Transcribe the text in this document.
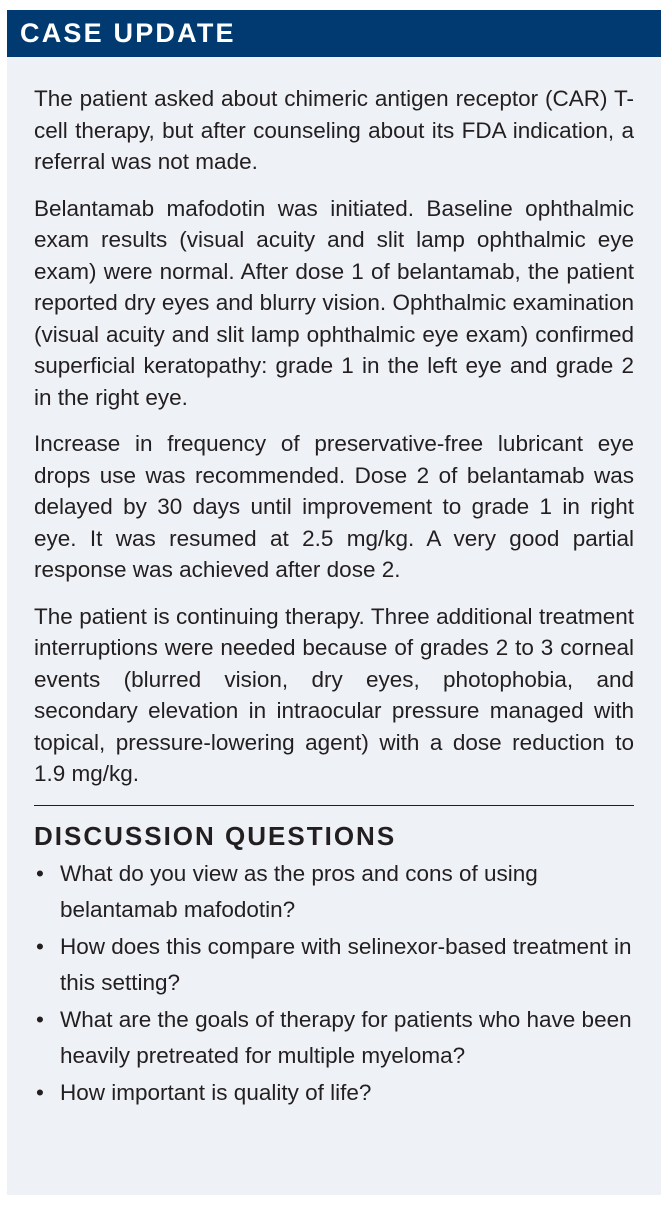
CASE UPDATE

The patient asked about chimeric antigen receptor (CAR) T-cell therapy, but after counseling about its FDA indication, a referral was not made.

Belantamab mafodotin was initiated. Baseline ophthalmic exam results (visual acuity and slit lamp ophthalmic eye exam) were normal. After dose 1 of belantamab, the patient reported dry eyes and blurry vision. Ophthalmic examination (visual acuity and slit lamp ophthalmic eye exam) confirmed superficial keratopathy: grade 1 in the left eye and grade 2 in the right eye.

Increase in frequency of preservative-free lubricant eye drops use was recommended. Dose 2 of belantamab was delayed by 30 days until improvement to grade 1 in right eye. It was resumed at 2.5 mg/kg. A very good partial response was achieved after dose 2.

The patient is continuing therapy. Three additional treatment interruptions were needed because of grades 2 to 3 corneal events (blurred vision, dry eyes, photophobia, and secondary elevation in intraocular pressure managed with topical, pressure-lowering agent) with a dose reduction to 1.9 mg/kg.

DISCUSSION QUESTIONS
• What do you view as the pros and cons of using belantamab mafodotin?
• How does this compare with selinexor-based treatment in this setting?
• What are the goals of therapy for patients who have been heavily pretreated for multiple myeloma?
• How important is quality of life?
